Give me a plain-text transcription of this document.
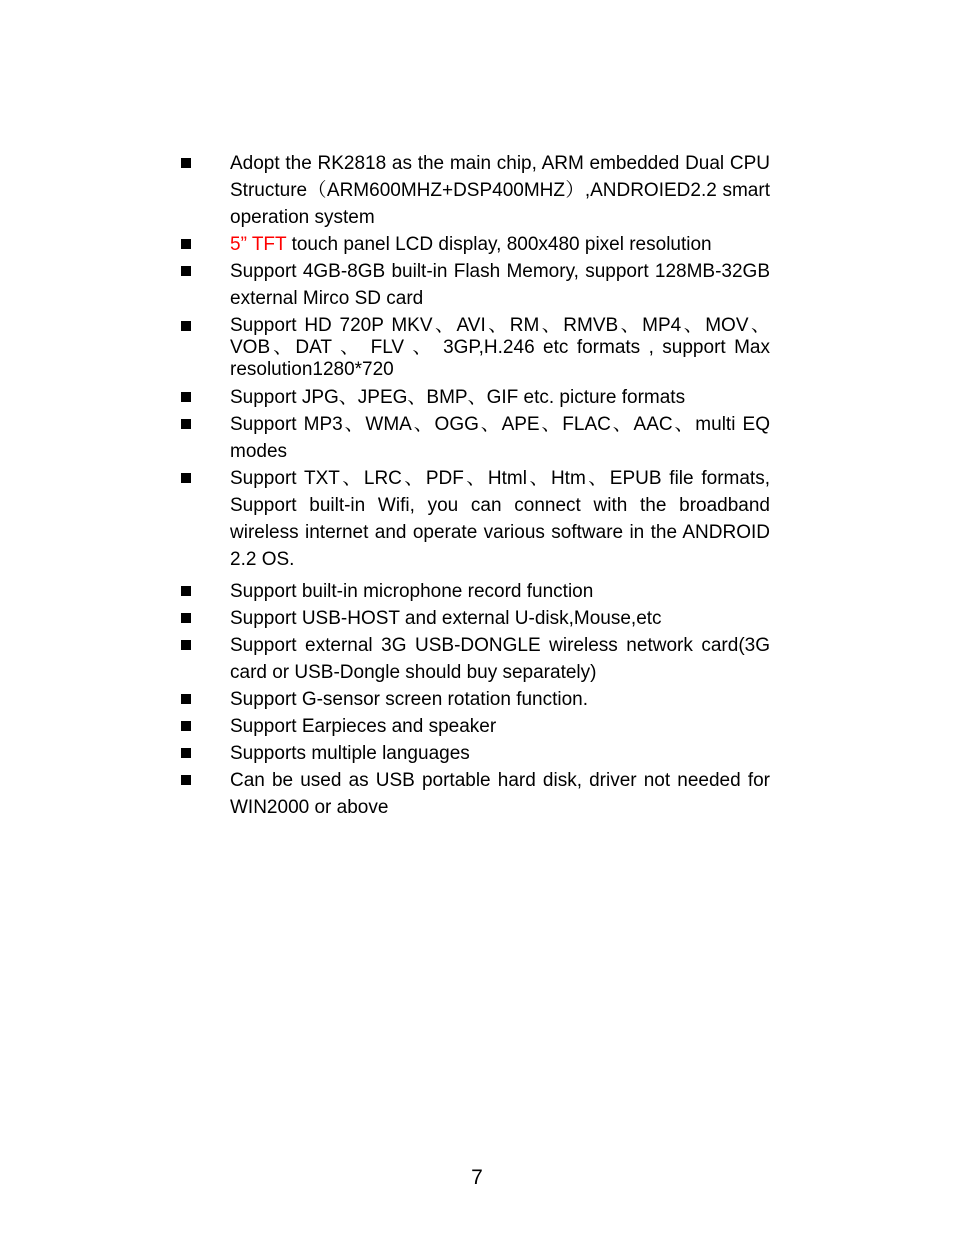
Adopt the RK2818 as the main chip, ARM embedded Dual CPU Structure（ARM600MHZ+DSP400MHZ）,ANDROIED2.2 smart operation system
5” TFT touch panel LCD display, 800x480 pixel resolution
Support 4GB-8GB built-in Flash Memory, support 128MB-32GB external Mirco SD card
Support HD 720P MKV、AVI、RM、RMVB、MP4、MOV、VOB、DAT 、 FLV 、 3GP,H.246 etc formats , support Max resolution1280*720
Support JPG、JPEG、BMP、GIF etc. picture formats
Support MP3、WMA、OGG、APE、FLAC、AAC、multi EQ modes
Support TXT、LRC、PDF、Html、Htm、EPUB file formats, Support built-in Wifi, you can connect with the broadband wireless internet and operate various software in the ANDROID 2.2 OS.
Support built-in microphone record function
Support USB-HOST and external U-disk,Mouse,etc
Support external 3G USB-DONGLE wireless network card(3G card or USB-Dongle should buy separately)
Support G-sensor screen rotation function.
Support Earpieces and speaker
Supports multiple languages
Can be used as USB portable hard disk, driver not needed for WIN2000 or above
7
